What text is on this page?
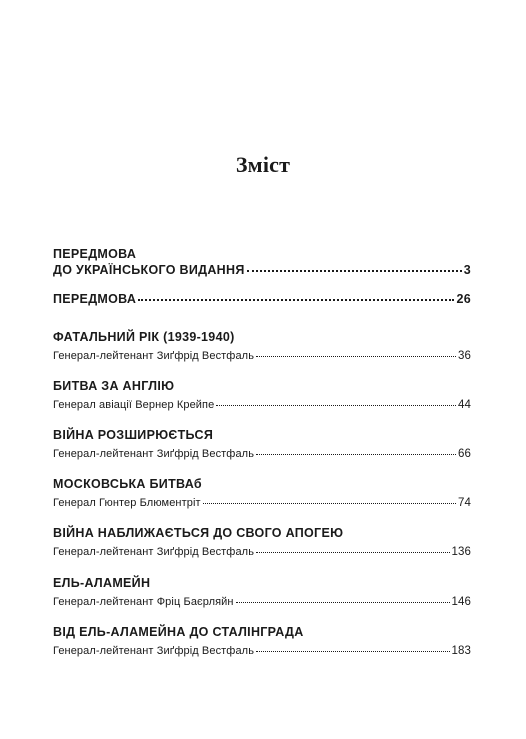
Зміст
ПЕРЕДМОВА
ДО УКРАЇНСЬКОГО ВИДАННЯ	3
ПЕРЕДМОВА	26
ФАТАЛЬНИЙ РІК (1939-1940)
Генерал-лейтенант Зиґфрід Вестфаль	36
БИТВА ЗА АНГЛІЮ
Генерал авіації Вернер Крейпе	44
ВІЙНА РОЗШИРЮЄТЬСЯ
Генерал-лейтенант Зиґфрід Вестфаль	66
МОСКОВСЬКА БИТВАб
Генерал Гюнтер Блюментріт	74
ВІЙНА НАБЛИЖАЄТЬСЯ ДО СВОГО АПОГЕЮ
Генерал-лейтенант Зиґфрід Вестфаль	136
ЕЛЬ-АЛАМЕЙН
Генерал-лейтенант Фріц Баєрляйн	146
ВІД ЕЛЬ-АЛАМЕЙНА ДО СТАЛІНГРАДА
Генерал-лейтенант Зиґфрід Вестфаль	183
